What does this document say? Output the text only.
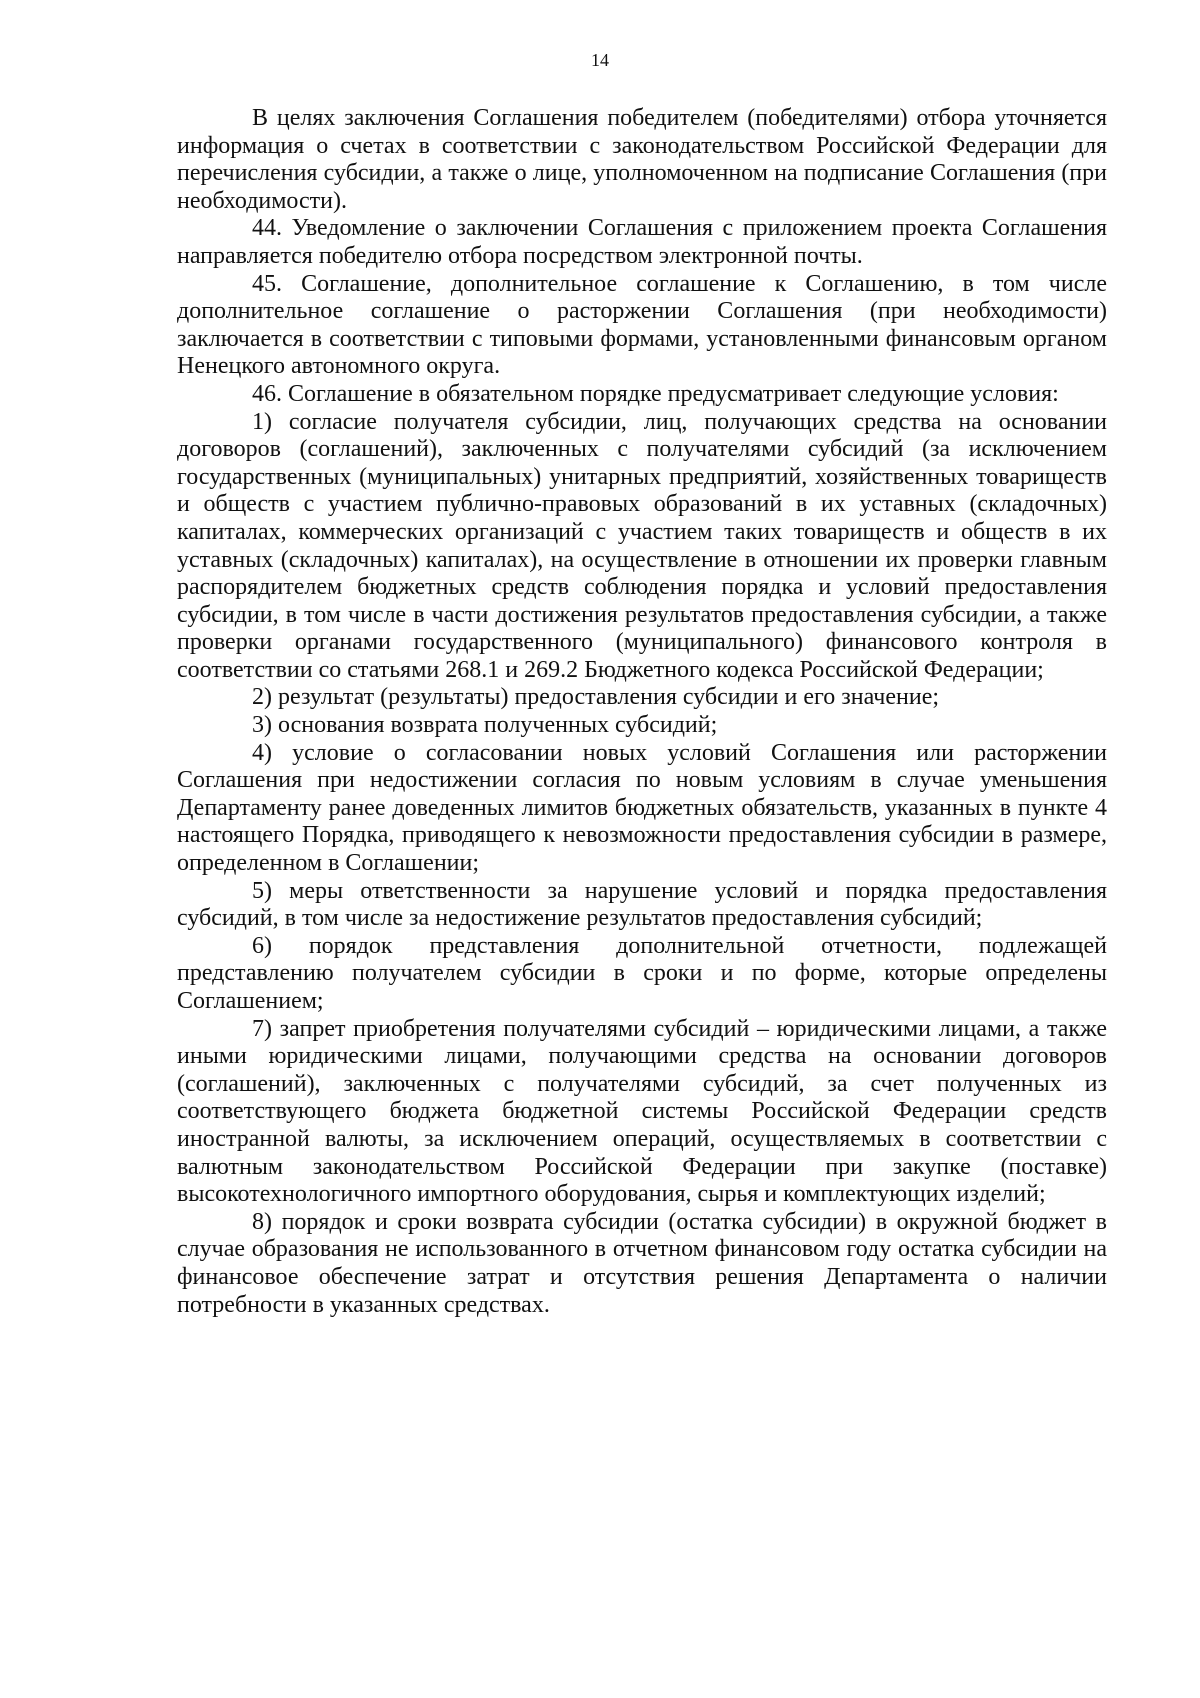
14

В целях заключения Соглашения победителем (победителями) отбора уточняется информация о счетах в соответствии с законодательством Российской Федерации для перечисления субсидии, а также о лице, уполномоченном на подписание Соглашения (при необходимости).

44. Уведомление о заключении Соглашения с приложением проекта Соглашения направляется победителю отбора посредством электронной почты.

45. Соглашение, дополнительное соглашение к Соглашению, в том числе дополнительное соглашение о расторжении Соглашения (при необходимости) заключается в соответствии с типовыми формами, установленными финансовым органом Ненецкого автономного округа.

46. Соглашение в обязательном порядке предусматривает следующие условия:

1) согласие получателя субсидии, лиц, получающих средства на основании договоров (соглашений), заключенных с получателями субсидий (за исключением государственных (муниципальных) унитарных предприятий, хозяйственных товариществ и обществ с участием публично-правовых образований в их уставных (складочных) капиталах, коммерческих организаций с участием таких товариществ и обществ в их уставных (складочных) капиталах), на осуществление в отношении их проверки главным распорядителем бюджетных средств соблюдения порядка и условий предоставления субсидии, в том числе в части достижения результатов предоставления субсидии, а также проверки органами государственного (муниципального) финансового контроля в соответствии со статьями 268.1 и 269.2 Бюджетного кодекса Российской Федерации;

2) результат (результаты) предоставления субсидии и его значение;

3) основания возврата полученных субсидий;

4) условие о согласовании новых условий Соглашения или расторжении Соглашения при недостижении согласия по новым условиям в случае уменьшения Департаменту ранее доведенных лимитов бюджетных обязательств, указанных в пункте 4 настоящего Порядка, приводящего к невозможности предоставления субсидии в размере, определенном в Соглашении;

5) меры ответственности за нарушение условий и порядка предоставления субсидий, в том числе за недостижение результатов предоставления субсидий;

6) порядок представления дополнительной отчетности, подлежащей представлению получателем субсидии в сроки и по форме, которые определены Соглашением;

7) запрет приобретения получателями субсидий – юридическими лицами, а также иными юридическими лицами, получающими средства на основании договоров (соглашений), заключенных с получателями субсидий, за счет полученных из соответствующего бюджета бюджетной системы Российской Федерации средств иностранной валюты, за исключением операций, осуществляемых в соответствии с валютным законодательством Российской Федерации при закупке (поставке) высокотехнологичного импортного оборудования, сырья и комплектующих изделий;

8) порядок и сроки возврата субсидии (остатка субсидии) в окружной бюджет в случае образования не использованного в отчетном финансовом году остатка субсидии на финансовое обеспечение затрат и отсутствия решения Департамента о наличии потребности в указанных средствах.
